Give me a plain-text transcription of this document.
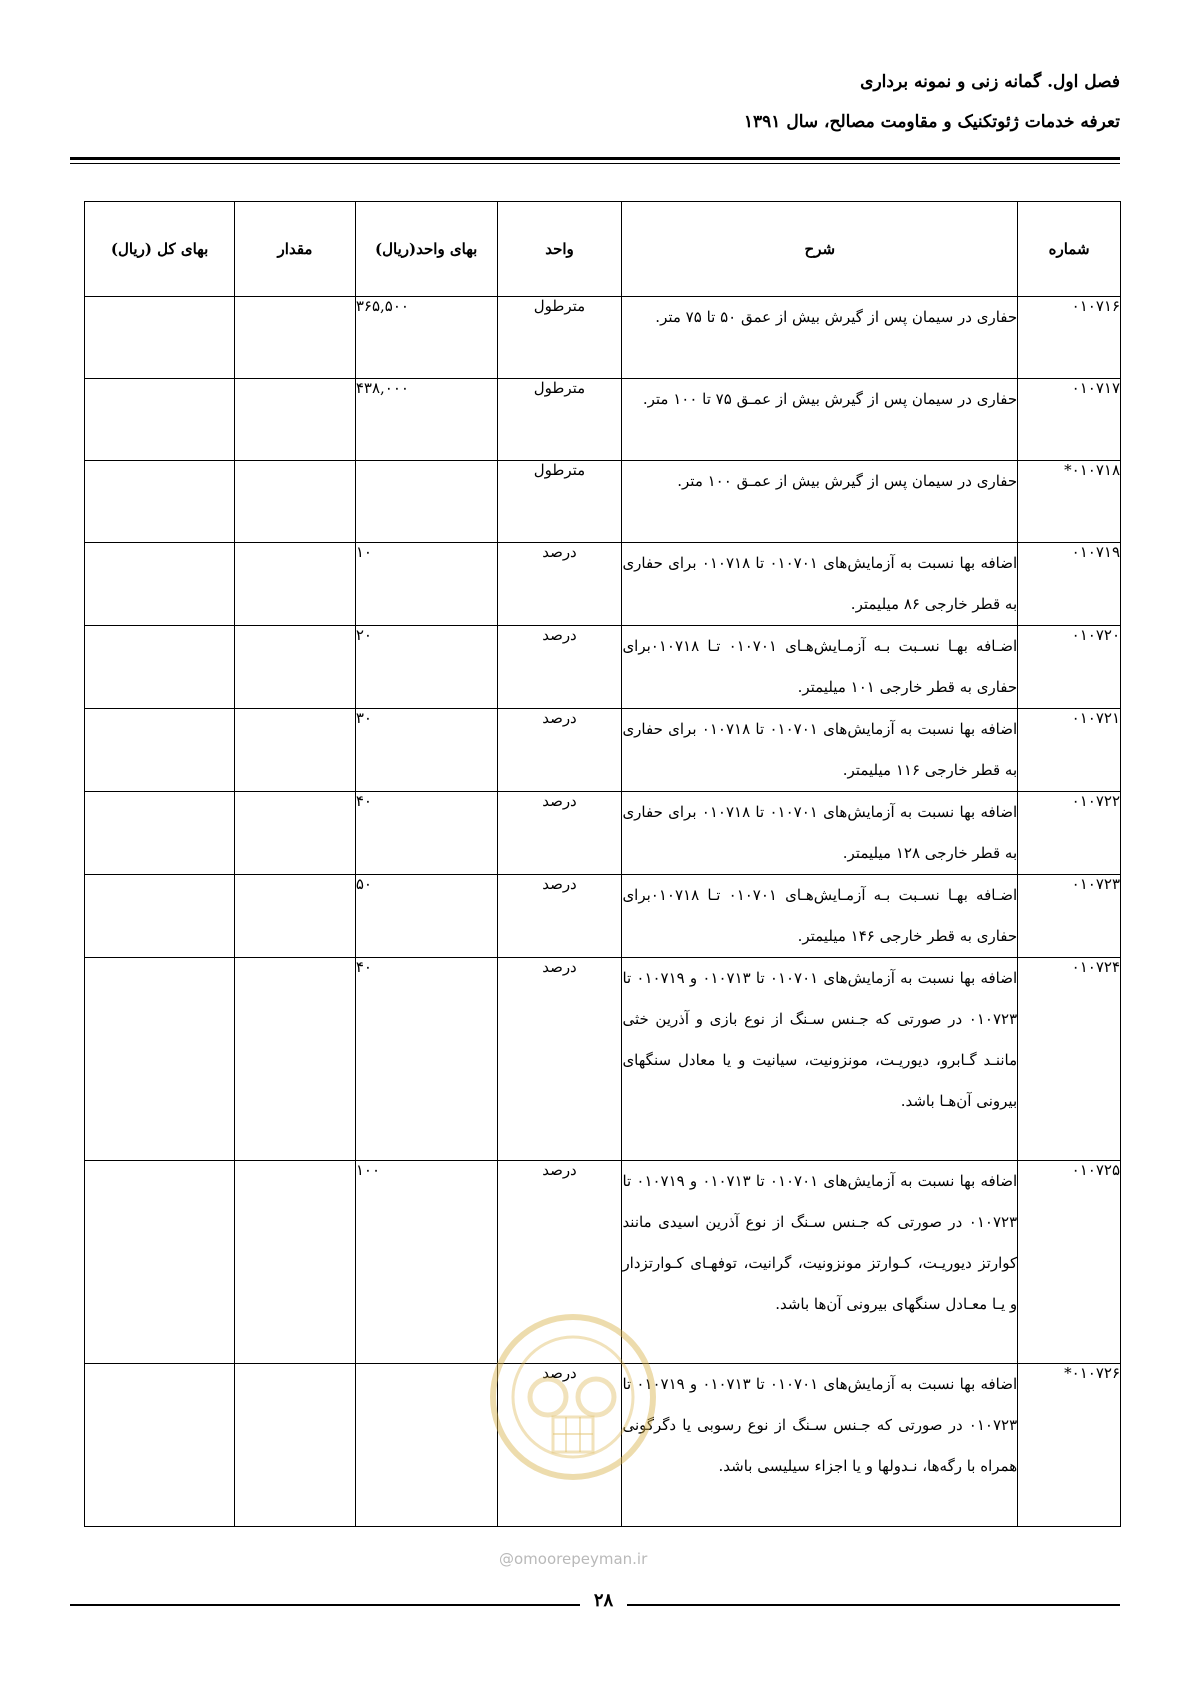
فصل اول. گمانه زنی و نمونه برداری
تعرفه خدمات ژئوتکنیک و مقاومت مصالح، سال ۱۳۹۱
شماره	شرح	واحد	بهای واحد(ریال)	مقدار	بهای کل (ریال)
۰۱۰۷۱۶	حفاری در سیمان پس از گیرش بیش از عمق ۵۰ تا ۷۵ متر.	مترطول	۳۶۵,۵۰۰		
۰۱۰۷۱۷	حفاری در سیمان پس از گیرش بیش از عمـق ۷۵ تا ۱۰۰ متر.	مترطول	۴۳۸,۰۰۰		
۰۱۰۷۱۸*	حفاری در سیمان پس از گیرش بیش از عمـق ۱۰۰ متر.	مترطول			
۰۱۰۷۱۹	اضافه بها نسبت به آزمایش‌های ۰۱۰۷۰۱ تا ۰۱۰۷۱۸ برای حفاری به قطر خارجی ۸۶ میلیمتر.	درصد	۱۰		
۰۱۰۷۲۰	اضـافه بهـا نسـبت بـه آزمـایش‌هـای ۰۱۰۷۰۱ تـا ۰۱۰۷۱۸برای حفاری به قطر خارجی ۱۰۱ میلیمتر.	درصد	۲۰		
۰۱۰۷۲۱	اضافه بها نسبت به آزمایش‌های ۰۱۰۷۰۱ تا ۰۱۰۷۱۸ برای حفاری به قطر خارجی ۱۱۶ میلیمتر.	درصد	۳۰		
۰۱۰۷۲۲	اضافه بها نسبت به آزمایش‌های ۰۱۰۷۰۱ تا ۰۱۰۷۱۸ برای حفاری به قطر خارجی ۱۲۸ میلیمتر.	درصد	۴۰		
۰۱۰۷۲۳	اضـافه بهـا نسـبت بـه آزمـایش‌هـای ۰۱۰۷۰۱ تـا ۰۱۰۷۱۸برای حفاری به قطر خارجی ۱۴۶ میلیمتر.	درصد	۵۰		
۰۱۰۷۲۴	اضافه بها نسبت به آزمایش‌های ۰۱۰۷۰۱ تا ۰۱۰۷۱۳ و ۰۱۰۷۱۹ تا ۰۱۰۷۲۳ در صورتی که جـنس سـنگ از نوع بازی و آذرین خثی ماننـد گـابرو، دیوریـت، مونزونیت، سیانیت و یا معادل سنگهای بیرونی آن‌هـا باشد.	درصد	۴۰		
۰۱۰۷۲۵	اضافه بها نسبت به آزمایش‌های ۰۱۰۷۰۱ تا ۰۱۰۷۱۳ و ۰۱۰۷۱۹ تا ۰۱۰۷۲۳ در صورتی که جـنس سـنگ از نوع آذرین اسیدی مانند کوارتز دیوریـت، کـوارتز مونزونیت، گرانیت، توفهـای کـوارتزدار و یـا معـادل سنگهای بیرونی آن‌ها باشد.	درصد	۱۰۰		
۰۱۰۷۲۶*	اضافه بها نسبت به آزمایش‌های ۰۱۰۷۰۱ تا ۰۱۰۷۱۳ و ۰۱۰۷۱۹ تا ۰۱۰۷۲۳ در صورتی که جـنس سـنگ از نوع رسوبی یا دگرگونی همراه با رگه‌ها، نـدولها و یا اجزاء سیلیسی باشد.	درصد			
@omoorepeyman.ir
۲۸
